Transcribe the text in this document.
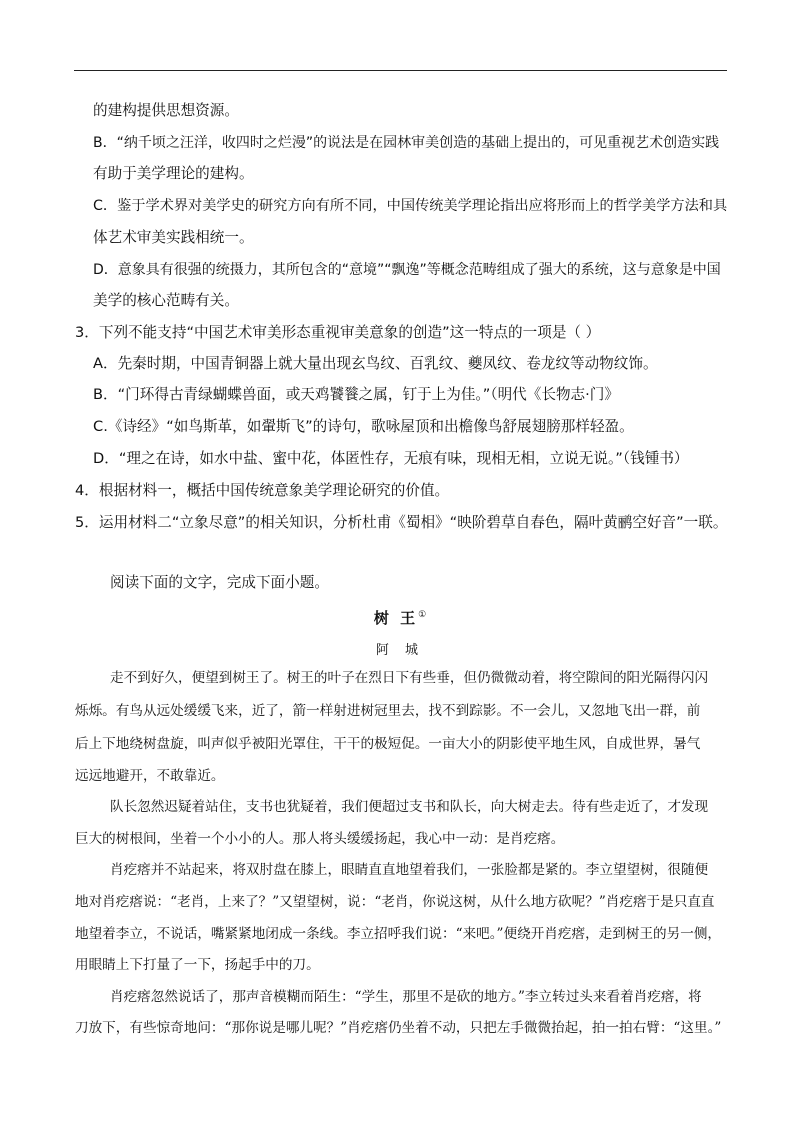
的建构提供思想资源。
B．“纳千顷之汪洋，收四时之烂漫”的说法是在园林审美创造的基础上提出的，可见重视艺术创造实践
有助于美学理论的建构。
C．鉴于学术界对美学史的研究方向有所不同，中国传统美学理论指出应将形而上的哲学美学方法和具
体艺术审美实践相统一。
D．意象具有很强的统摄力，其所包含的“意境”“飘逸”等概念范畴组成了强大的系统，这与意象是中国
美学的核心范畴有关。
3．下列不能支持“中国艺术审美形态重视审美意象的创造”这一特点的一项是（ ）
A．先秦时期，中国青铜器上就大量出现玄鸟纹、百乳纹、夔凤纹、卷龙纹等动物纹饰。
B．“门环得古青绿蝴蝶兽面，或天鸡饕餮之属，钉于上为佳。”（明代《长物志·门》
C.《诗经》“如鸟斯革，如翬斯飞”的诗句，歌咏屋顶和出檐像鸟舒展翅膀那样轻盈。
D．“理之在诗，如水中盐、蜜中花，体匿性存，无痕有味，现相无相，立说无说。”（钱锺书）
4．根据材料一，概括中国传统意象美学理论研究的价值。
5．运用材料二“立象尽意”的相关知识，分析杜甫《蜀相》“映阶碧草自春色，隔叶黄鹂空好音”一联。
阅读下面的文字，完成下面小题。
树 王①
阿 城
走不到好久，便望到树王了。树王的叶子在烈日下有些垂，但仍微微动着，将空隙间的阳光隔得闪闪
烁烁。有鸟从远处缓缓飞来，近了，箭一样射进树冠里去，找不到踪影。不一会儿，又忽地飞出一群，前
后上下地绕树盘旋，叫声似乎被阳光罩住，干干的极短促。一亩大小的阴影使平地生风，自成世界，暑气
远远地避开，不敢靠近。
队长忽然迟疑着站住，支书也犹疑着，我们便超过支书和队长，向大树走去。待有些走近了，才发现
巨大的树根间，坐着一个小小的人。那人将头缓缓扬起，我心中一动：是肖疙瘩。
肖疙瘩并不站起来，将双肘盘在膝上，眼睛直直地望着我们，一张脸都是紧的。李立望望树，很随便
地对肖疙瘩说：“老肖，上来了？”又望望树，说：“老肖，你说这树，从什么地方砍呢？”肖疙瘩于是只直直
地望着李立，不说话，嘴紧紧地闭成一条线。李立招呼我们说：“来吧。”便绕开肖疙瘩，走到树王的另一侧，
用眼睛上下打量了一下，扬起手中的刀。
肖疙瘩忽然说话了，那声音模糊而陌生：“学生，那里不是砍的地方。”李立转过头来看着肖疙瘩，将
刀放下，有些惊奇地问：“那你说是哪儿呢？”肖疙瘩仍坐着不动，只把左手微微抬起，拍一拍右臂：“这里。”
